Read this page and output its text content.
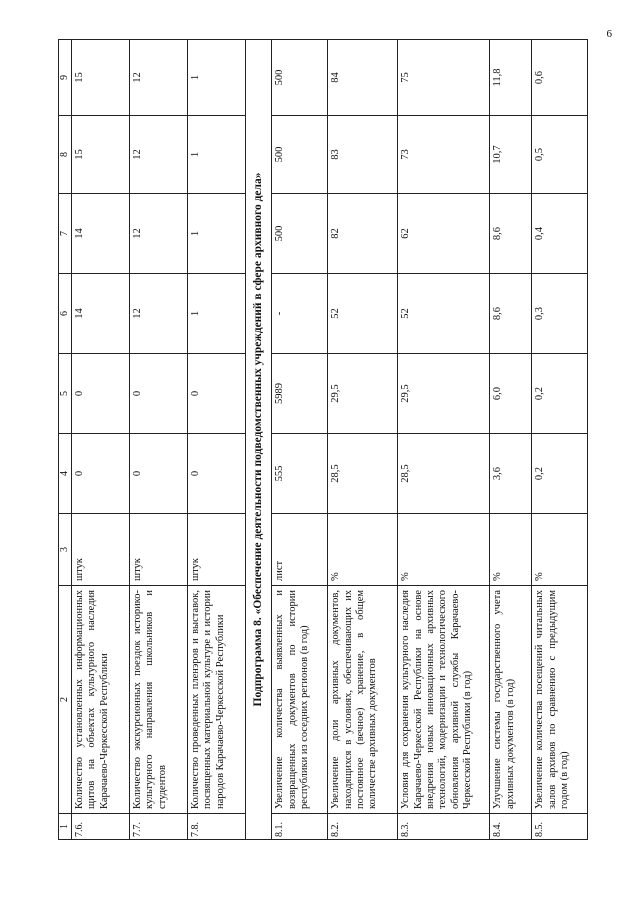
6
1	2	3	4	5	6	7	8	9
7.6.	Количество установленных информационных щитов на объектах культурного наследия Карачаево-Черкесской Республики	штук	0	0	14	14	15	15
7.7.	Количество экскурсионных поездок историко-культурного направления школьников и студентов	штук	0	0	12	12	12	12
7.8.	Количество проведенных пленэров и выставок, посвященных материальной культуре и истории народов Карачаево-Черкесской Республики	штук	0	0	1	1	1	1
Подпрограмма 8. «Обеспечение деятельности подведомственных учреждений в сфере архивного дела»								
8.1.	Увеличение количества выявленных и возвращенных документов по истории республики из соседних регионов (в год)	лист	555	5989	-	500	500	500
8.2.	Увеличение доли архивных документов, находящихся в условиях, обеспечивающих их постоянное (вечное) хранение, в общем количестве архивных документов	%	28,5	29,5	52	82	83	84
8.3.	Условия для сохранения культурного наследия Карачаево-Черкесской Республики на основе внедрения новых инновационных архивных технологий, модернизации и технологического обновления архивной службы Карачаево-Черкесской Республики (в год)	%	28,5	29,5	52	62	73	75
8.4.	Улучшение системы государственного учета архивных документов (в год)	%	3,6	6,0	8,6	8,6	10,7	11,8
8.5.	Увеличение количества посещений читальных залов архивов по сравнению с предыдущим годом (в год)	%	0,2	0,2	0,3	0,4	0,5	0,6
